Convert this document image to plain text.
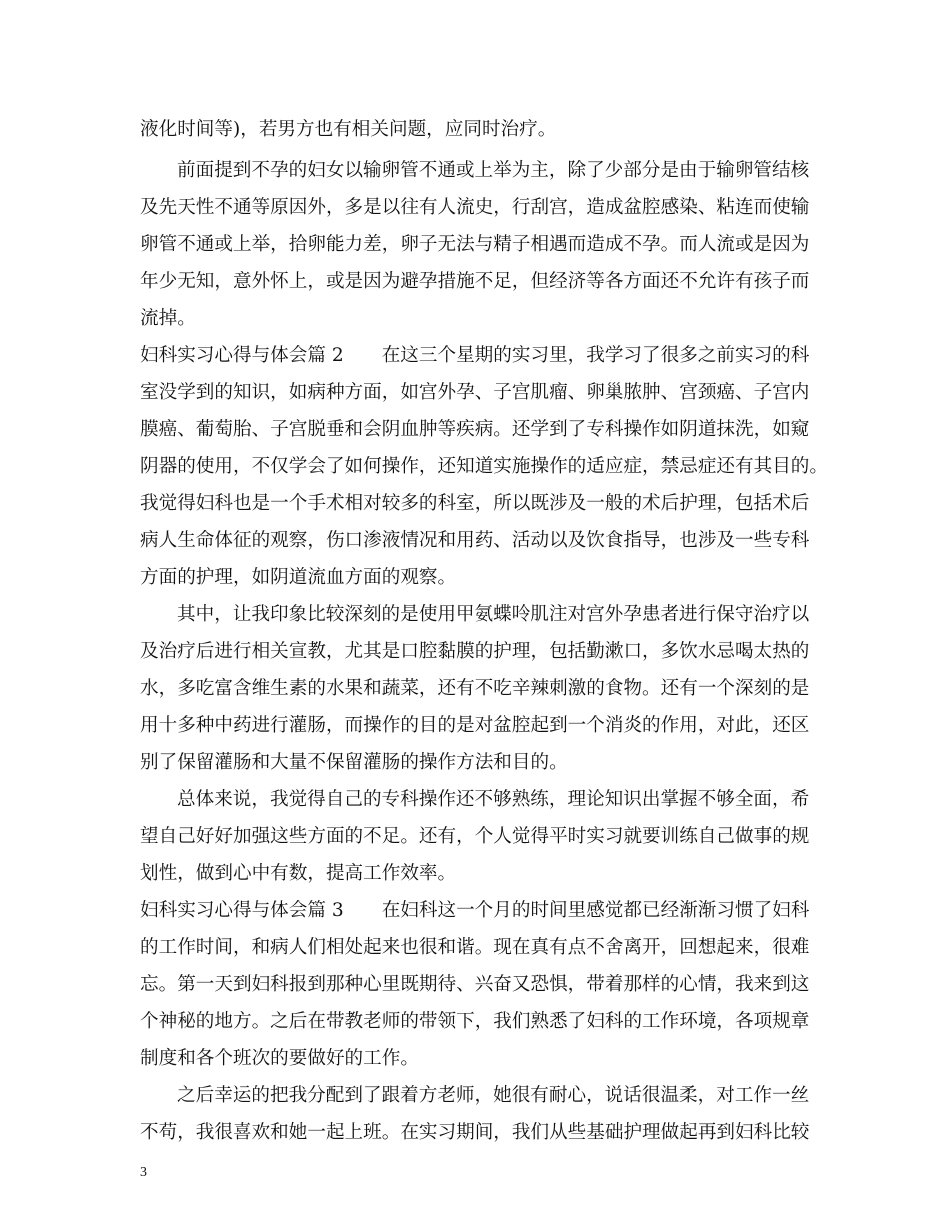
液化时间等)，若男方也有相关问题，应同时治疗。
前面提到不孕的妇女以输卵管不通或上举为主，除了少部分是由于输卵管结核
及先天性不通等原因外，多是以往有人流史，行刮宫，造成盆腔感染、粘连而使输
卵管不通或上举，拾卵能力差，卵子无法与精子相遇而造成不孕。而人流或是因为
年少无知，意外怀上，或是因为避孕措施不足，但经济等各方面还不允许有孩子而
流掉。
妇科实习心得与体会篇 2 在这三个星期的实习里，我学习了很多之前实习的科
室没学到的知识，如病种方面，如宫外孕、子宫肌瘤、卵巢脓肿、宫颈癌、子宫内
膜癌、葡萄胎、子宫脱垂和会阴血肿等疾病。还学到了专科操作如阴道抹洗，如窥
阴器的使用，不仅学会了如何操作，还知道实施操作的适应症，禁忌症还有其目的。
我觉得妇科也是一个手术相对较多的科室，所以既涉及一般的术后护理，包括术后
病人生命体征的观察，伤口渗液情况和用药、活动以及饮食指导，也涉及一些专科
方面的护理，如阴道流血方面的观察。
其中，让我印象比较深刻的是使用甲氨蝶呤肌注对宫外孕患者进行保守治疗以
及治疗后进行相关宣教，尤其是口腔黏膜的护理，包括勤漱口，多饮水忌喝太热的
水，多吃富含维生素的水果和蔬菜，还有不吃辛辣刺激的食物。还有一个深刻的是
用十多种中药进行灌肠，而操作的目的是对盆腔起到一个消炎的作用，对此，还区
别了保留灌肠和大量不保留灌肠的操作方法和目的。
总体来说，我觉得自己的专科操作还不够熟练，理论知识出掌握不够全面，希
望自己好好加强这些方面的不足。还有，个人觉得平时实习就要训练自己做事的规
划性，做到心中有数，提高工作效率。
妇科实习心得与体会篇 3 在妇科这一个月的时间里感觉都已经渐渐习惯了妇科
的工作时间，和病人们相处起来也很和谐。现在真有点不舍离开，回想起来，很难
忘。第一天到妇科报到那种心里既期待、兴奋又恐惧，带着那样的心情，我来到这
个神秘的地方。之后在带教老师的带领下，我们熟悉了妇科的工作环境，各项规章
制度和各个班次的要做好的工作。
之后幸运的把我分配到了跟着方老师，她很有耐心，说话很温柔，对工作一丝
不苟，我很喜欢和她一起上班。在实习期间，我们从些基础护理做起再到妇科比较
3
